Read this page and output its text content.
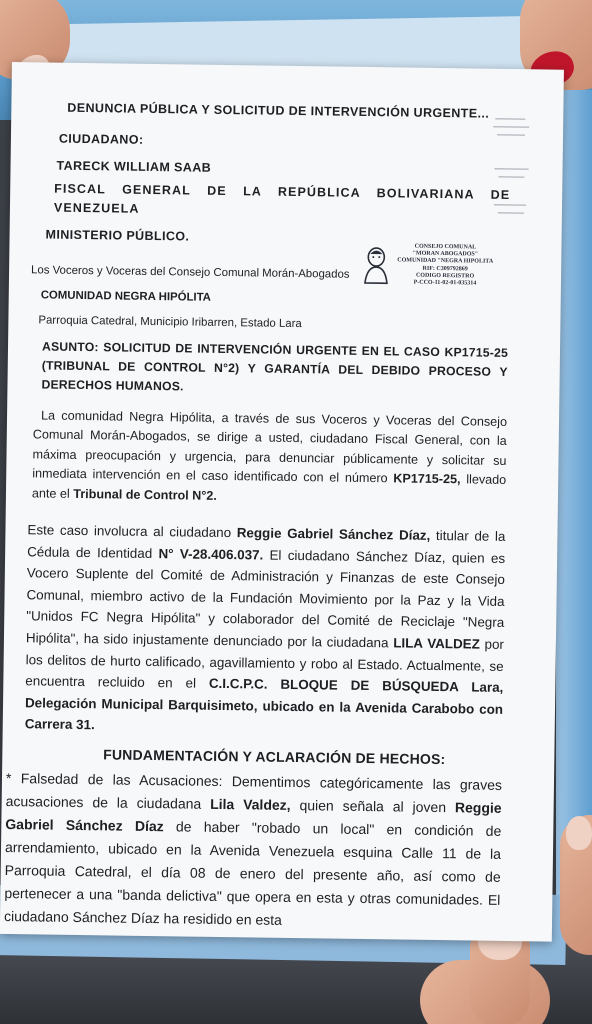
DENUNCIA PÚBLICA Y SOLICITUD DE INTERVENCIÓN URGENTE...

CIUDADANO:

TARECK WILLIAM SAAB

FISCAL GENERAL DE LA REPÚBLICA BOLIVARIANA DE VENEZUELA

MINISTERIO PÚBLICO.

Los Voceros y Voceras del Consejo Comunal Morán-Abogados

COMUNIDAD NEGRA HIPÓLITA

Parroquia Catedral, Municipio Iribarren, Estado Lara

ASUNTO: SOLICITUD DE INTERVENCIÓN URGENTE EN EL CASO KP1715-25 (TRIBUNAL DE CONTROL N°2) Y GARANTÍA DEL DEBIDO PROCESO Y DERECHOS HUMANOS.

La comunidad Negra Hipólita, a través de sus Voceros y Voceras del Consejo Comunal Morán-Abogados, se dirige a usted, ciudadano Fiscal General, con la máxima preocupación y urgencia, para denunciar públicamente y solicitar su inmediata intervención en el caso identificado con el número KP1715-25, llevado ante el Tribunal de Control N°2.

Este caso involucra al ciudadano Reggie Gabriel Sánchez Díaz, titular de la Cédula de Identidad N° V-28.406.037. El ciudadano Sánchez Díaz, quien es Vocero Suplente del Comité de Administración y Finanzas de este Consejo Comunal, miembro activo de la Fundación Movimiento por la Paz y la Vida "Unidos FC Negra Hipólita" y colaborador del Comité de Reciclaje "Negra Hipólita", ha sido injustamente denunciado por la ciudadana LILA VALDEZ por los delitos de hurto calificado, agavillamiento y robo al Estado. Actualmente, se encuentra recluido en el C.I.C.P.C. BLOQUE DE BÚSQUEDA Lara, Delegación Municipal Barquisimeto, ubicado en la Avenida Carabobo con Carrera 31.

FUNDAMENTACIÓN Y ACLARACIÓN DE HECHOS:

* Falsedad de las Acusaciones: Dementimos categóricamente las graves acusaciones de la ciudadana Lila Valdez, quien señala al joven Reggie Gabriel Sánchez Díaz de haber "robado un local" en condición de arrendamiento, ubicado en la Avenida Venezuela esquina Calle 11 de la Parroquia Catedral, el día 08 de enero del presente año, así como de pertenecer a una "banda delictiva" que opera en esta y otras comunidades. El ciudadano Sánchez Díaz ha residido en esta

CONSEJO COMUNAL
"MORAN ABOGADOS"
COMUNIDAD "NEGRA HIPOLITA
RIF: C309792869
CODIGO REGISTRO
P-CCO-11-02-01-035314
